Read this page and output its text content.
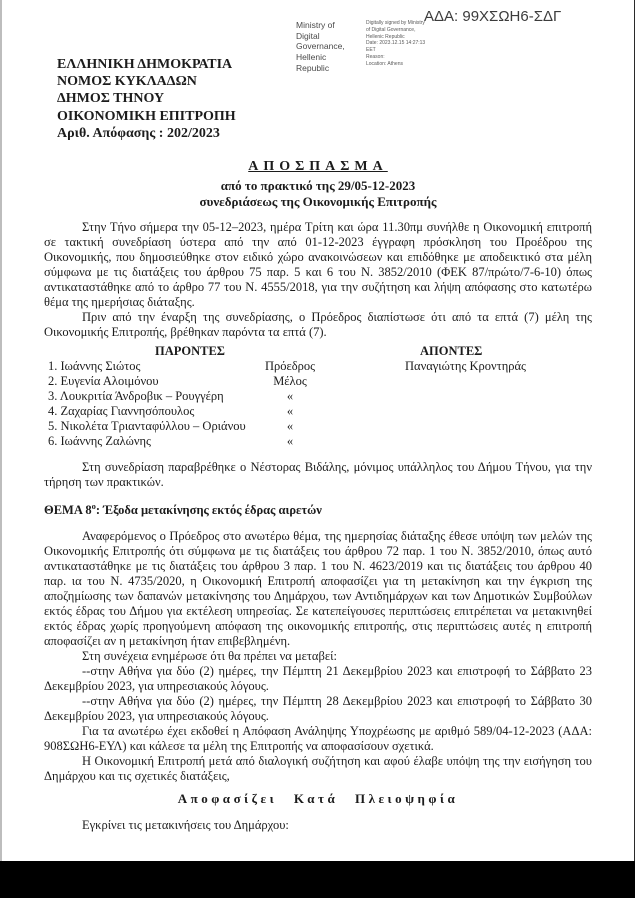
ΑΔΑ: 99ΧΣΩΗ6-ΣΔΓ
Ministry of Digital
Governance,
Hellenic Republic
Digitally signed by Ministry
of Digital Governance,
Hellenic Republic
Date: 2023.12.15 14:27:13
EET
Reason:
Location: Athens
ΕΛΛΗΝΙΚΗ ΔΗΜΟΚΡΑΤΙΑ
ΝΟΜΟΣ ΚΥΚΛΑΔΩΝ
ΔΗΜΟΣ ΤΗΝΟΥ
ΟΙΚΟΝΟΜΙΚΗ ΕΠΙΤΡΟΠΗ
Αριθ. Απόφασης : 202/2023
ΑΠΟΣΠΑΣΜΑ
από το πρακτικό της 29/05-12-2023
συνεδριάσεως της Οικονομικής Επιτροπής

Στην Τήνο σήμερα την 05-12–2023, ημέρα Τρίτη και ώρα 11.30πμ συνήλθε η Οικονομική επιτροπή σε τακτική συνεδρίαση ύστερα από την από 01-12-2023 έγγραφη πρόσκληση του Προέδρου της Οικονομικής, που δημοσιεύθηκε στον ειδικό χώρο ανακοινώσεων και επιδόθηκε με αποδεικτικό στα μέλη σύμφωνα με τις διατάξεις του άρθρου 75 παρ. 5 και 6 του Ν. 3852/2010 (ΦΕΚ 87/πρώτο/7-6-10) όπως αντικαταστάθηκε από το άρθρο 77 του Ν. 4555/2018, για την συζήτηση και λήψη απόφασης στο κατωτέρω θέμα της ημερήσιας διάταξης.

Πριν από την έναρξη της συνεδρίασης, ο Πρόεδρος διαπίστωσε ότι από τα επτά (7) μέλη της Οικονομικής Επιτροπής, βρέθηκαν παρόντα τα επτά (7).

ΠΑΡΟΝΤΕΣ	ΑΠΟΝΤΕΣ
1. Ιωάννης Σιώτος	Πρόεδρος	Παναγιώτης Κροντηράς
2. Ευγενία Αλοιμόνου	Μέλος
3. Λουκριτία Άνδροβικ – Ρουγγέρη	«
4. Ζαχαρίας Γιαννησόπουλος	«
5. Νικολέτα Τριανταφύλλου – Οριάνου	«
6. Ιωάννης Ζαλώνης	«

Στη συνεδρίαση παραβρέθηκε ο Νέστορας Βιδάλης, μόνιμος υπάλληλος του Δήμου Τήνου, για την τήρηση των πρακτικών.

ΘΕΜΑ $8^o$: Έξοδα μετακίνησης εκτός έδρας αιρετών

Αναφερόμενος ο Πρόεδρος στο ανωτέρω θέμα, της ημερησίας διάταξης έθεσε υπόψη των μελών της Οικονομικής Επιτροπής ότι σύμφωνα με τις διατάξεις του άρθρου 72 παρ. 1 του Ν. 3852/2010, όπως αυτό αντικαταστάθηκε με τις διατάξεις του άρθρου 3 παρ. 1 του Ν. 4623/2019 και τις διατάξεις του άρθρου 40 παρ. ια του Ν. 4735/2020, η Οικονομική Επιτροπή αποφασίζει για τη μετακίνηση και την έγκριση της αποζημίωσης των δαπανών μετακίνησης του Δημάρχου, των Αντιδημάρχων και των Δημοτικών Συμβούλων εκτός έδρας του Δήμου για εκτέλεση υπηρεσίας. Σε κατεπείγουσες περιπτώσεις επιτρέπεται να μετακινηθεί εκτός έδρας χωρίς προηγούμενη απόφαση της οικονομικής επιτροπής, στις περιπτώσεις αυτές η επιτροπή αποφασίζει αν η μετακίνηση ήταν επιβεβλημένη.

Στη συνέχεια ενημέρωσε ότι θα πρέπει να μεταβεί:

--στην Αθήνα για δύο (2) ημέρες, την Πέμπτη 21 Δεκεμβρίου 2023 και επιστροφή το Σάββατο 23 Δεκεμβρίου 2023, για υπηρεσιακούς λόγους.

--στην Αθήνα για δύο (2) ημέρες, την Πέμπτη 28 Δεκεμβρίου 2023 και επιστροφή το Σάββατο 30 Δεκεμβρίου 2023, για υπηρεσιακούς λόγους.

Για τα ανωτέρω έχει εκδοθεί η Απόφαση Ανάληψης Υποχρέωσης με αριθμό 589/04-12-2023 (ΑΔΑ: 908ΣΩΗ6-ΕΥΛ) και κάλεσε τα μέλη της Επιτροπής να αποφασίσουν σχετικά.

Η Οικονομική Επιτροπή μετά από διαλογική συζήτηση και αφού έλαβε υπόψη της την εισήγηση του Δημάρχου και τις σχετικές διατάξεις,

Αποφασίζει Κατά Πλειοψηφία

Εγκρίνει τις μετακινήσεις του Δημάρχου:
